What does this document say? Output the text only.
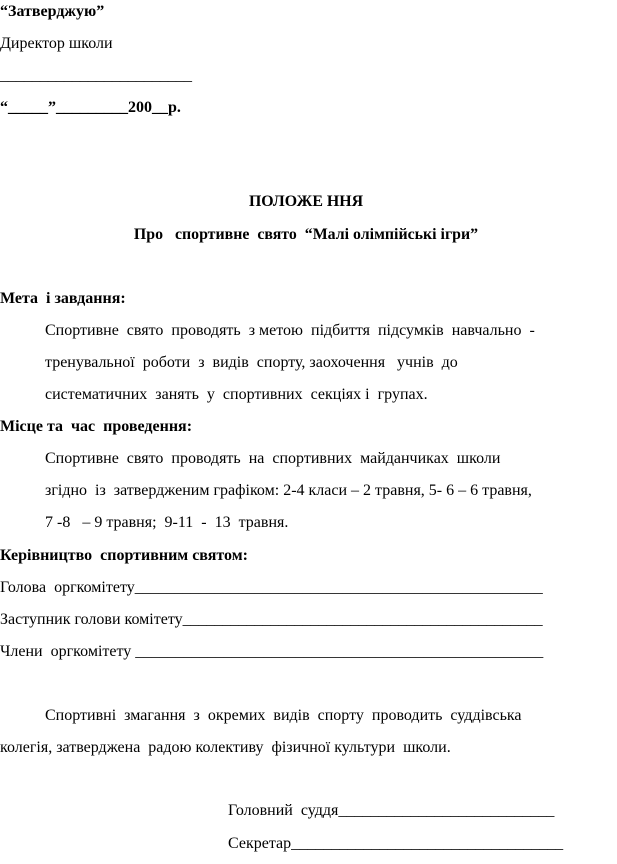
“Затверджую”
Директор школи
________________________
“_____”_________200__р.
ПОЛОЖЕ ННЯ
Про   спортивне  свято  “Малі олімпійські ігри”
Мета  і завдання:
Спортивне  свято  проводять  з метою  підбиття  підсумків  навчально  -
тренувальної  роботи  з  видів  спорту, заохочення   учнів  до
систематичних  занять  у  спортивних  секціях і  групах.
Місце та  час  проведення:
Спортивне  свято  проводять  на  спортивних  майданчиках  школи
згідно  із  затвердженим графіком: 2-4 класи – 2 травня, 5- 6 – 6 травня,
7 -8   – 9 травня;  9-11  -  13  травня.
Керівництво  спортивним святом:
Голова  оргкомітету___________________________________________________
Заступник голови комітету_____________________________________________
Члени  оргкомітету ___________________________________________________
Спортивні  змагання  з  окремих  видів  спорту  проводить  суддівська
колегія, затверджена  радою колективу  фізичної культури  школи.
Головний  суддя___________________________
Секретар__________________________________
